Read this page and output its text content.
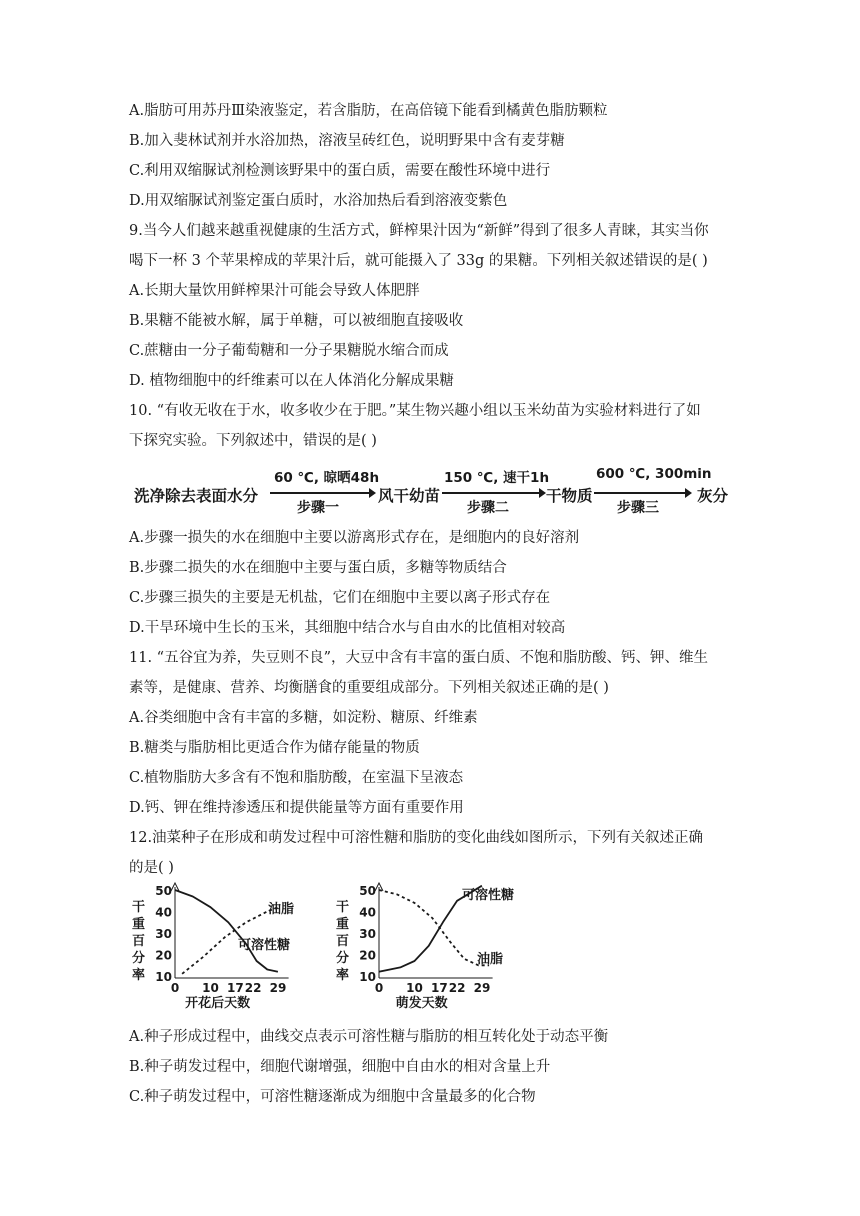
A.脂肪可用苏丹Ⅲ染液鉴定，若含脂肪，在高倍镜下能看到橘黄色脂肪颗粒
B.加入斐林试剂并水浴加热，溶液呈砖红色，说明野果中含有麦芽糖
C.利用双缩脲试剂检测该野果中的蛋白质，需要在酸性环境中进行
D.用双缩脲试剂鉴定蛋白质时，水浴加热后看到溶液变紫色
9.当今人们越来越重视健康的生活方式，鲜榨果汁因为“新鲜”得到了很多人青睐，其实当你
喝下一杯 3 个苹果榨成的苹果汁后，就可能摄入了 33g 的果糖。下列相关叙述错误的是( )
A.长期大量饮用鲜榨果汁可能会导致人体肥胖
B.果糖不能被水解，属于单糖，可以被细胞直接吸收
C.蔗糖由一分子葡萄糖和一分子果糖脱水缩合而成
D. 植物细胞中的纤维素可以在人体消化分解成果糖
10. “有收无收在于水，收多收少在于肥。”某生物兴趣小组以玉米幼苗为实验材料进行了如
下探究实验。下列叙述中，错误的是( )
A.步骤一损失的水在细胞中主要以游离形式存在，是细胞内的良好溶剂
B.步骤二损失的水在细胞中主要与蛋白质，多糖等物质结合
C.步骤三损失的主要是无机盐，它们在细胞中主要以离子形式存在
D.干旱环境中生长的玉米，其细胞中结合水与自由水的比值相对较高
11. “五谷宜为养，失豆则不良”，大豆中含有丰富的蛋白质、不饱和脂肪酸、钙、钾、维生
素等，是健康、营养、均衡膳食的重要组成部分。下列相关叙述正确的是( )
A.谷类细胞中含有丰富的多糖，如淀粉、糖原、纤维素
B.糖类与脂肪相比更适合作为储存能量的物质
C.植物脂肪大多含有不饱和脂肪酸，在室温下呈液态
D.钙、钾在维持渗透压和提供能量等方面有重要作用
12.油菜种子在形成和萌发过程中可溶性糖和脂肪的变化曲线如图所示，下列有关叙述正确
的是( )
A.种子形成过程中，曲线交点表示可溶性糖与脂肪的相互转化处于动态平衡
B.种子萌发过程中，细胞代谢增强，细胞中自由水的相对含量上升
C.种子萌发过程中，可溶性糖逐渐成为细胞中含量最多的化合物
洗净除去表面水分
60 ℃, 晾晒48h
步骤一
风干幼苗
150 ℃, 速干1h
步骤二
干物质
600 ℃, 300min
步骤三
灰分
干
重
百
分
率 10
20
30
40
50
0 10 17 22 29
开花后天数
可溶性糖
油脂	干
重
百
分
率 10
20
30
40
50
0 10 17 22 29
萌发天数
可溶性糖
油脂
